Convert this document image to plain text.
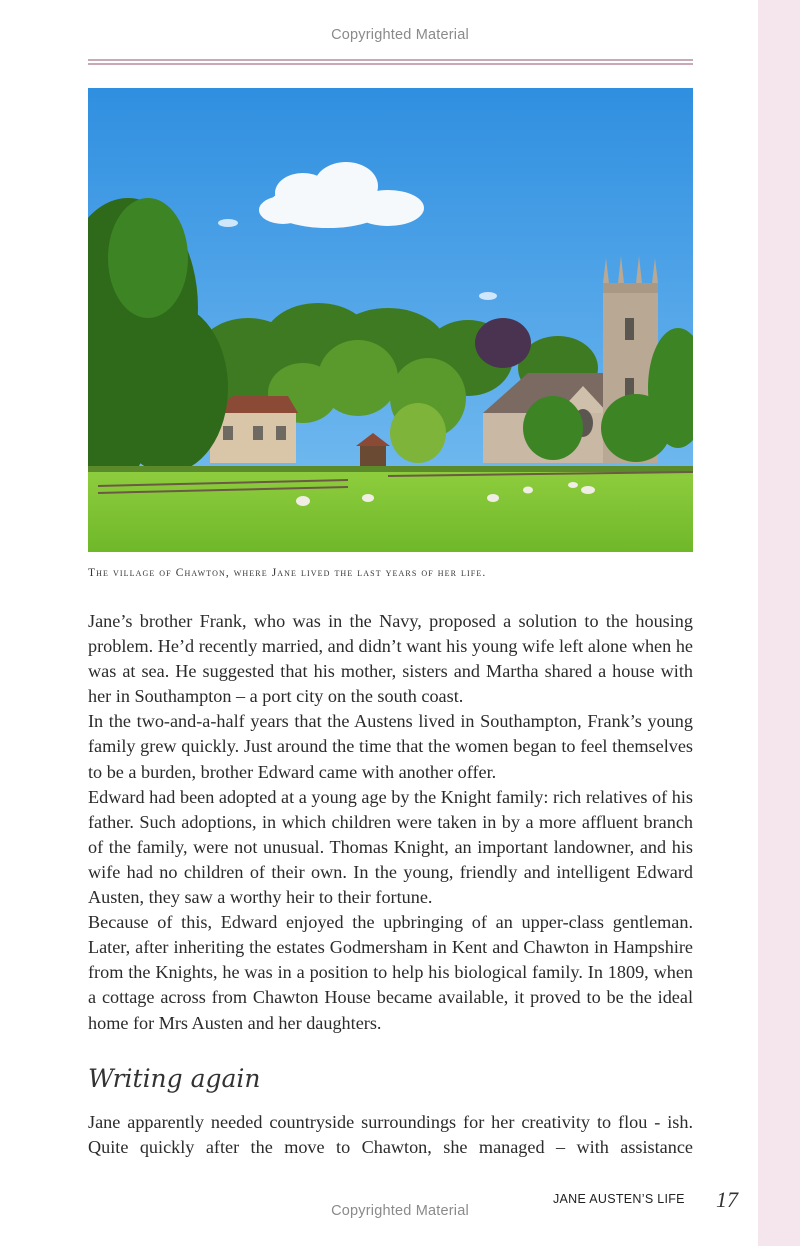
Copyrighted Material
The village of Chawton, where Jane lived the last years of her life.

Jane’s brother Frank, who was in the Navy, proposed a solution to the housing problem. He’d recently married, and didn’t want his young wife left alone when he was at sea. He suggested that his mother, sisters and Martha shared a house with her in Southampton – a port city on the south coast.

In the two-and-a-half years that the Austens lived in Southampton, Frank’s young family grew quickly. Just around the time that the women began to feel themselves to be a burden, brother Edward came with another offer.

Edward had been adopted at a young age by the Knight family: rich relatives of his father. Such adoptions, in which children were taken in by a more affluent branch of the family, were not unusual. Thomas Knight, an important landowner, and his wife had no children of their own. In the young, friendly and intelligent Edward Austen, they saw a worthy heir to their fortune.

Because of this, Edward enjoyed the upbringing of an upper-class gentleman. Later, after inheriting the estates Godmersham in Kent and Chawton in Hampshire from the Knights, he was in a position to help his biological family. In 1809, when a cottage across from Chawton House became available, it proved to be the ideal home for Mrs Austen and her daughters.

Writing again

Jane apparently needed countryside surroundings for her creativity to flou - ish. Quite quickly after the move to Chawton, she managed – with assistance

JANE AUSTEN’S LIFE 17
Copyrighted Material
